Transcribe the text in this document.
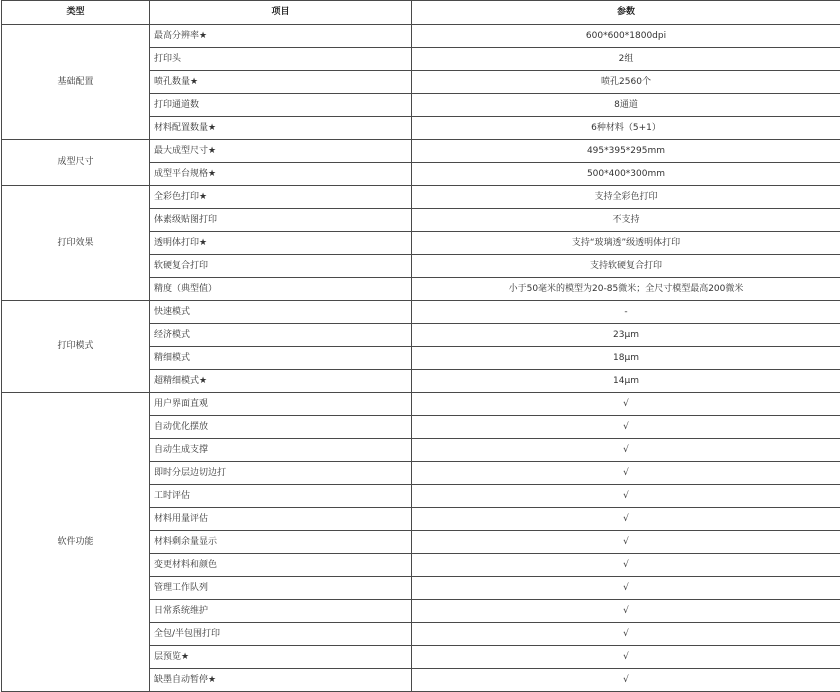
类型	项目	参数
基础配置	最高分辨率★	600*600*1800dpi
	打印头	2组
	喷孔数量★	喷孔2560个
	打印通道数	8通道
	材料配置数量★	6种材料（5+1）
成型尺寸	最大成型尺寸★	495*395*295mm
	成型平台规格★	500*400*300mm
打印效果	全彩色打印★	支持全彩色打印
	体素级贴图打印	不支持
	透明体打印★	支持“玻璃透”级透明体打印
	软硬复合打印	支持软硬复合打印
	精度（典型值）	小于50毫米的模型为20-85微米；全尺寸模型最高200微米
打印模式	快速模式	-
	经济模式	23μm
	精细模式	18μm
	超精细模式★	14μm
软件功能	用户界面直观	√
	自动优化摆放	√
	自动生成支撑	√
	即时分层边切边打	√
	工时评估	√
	材料用量评估	√
	材料剩余量显示	√
	变更材料和颜色	√
	管理工作队列	√
	日常系统维护	√
	全包/半包围打印	√
	层预览★	√
	缺墨自动暂停★	√
